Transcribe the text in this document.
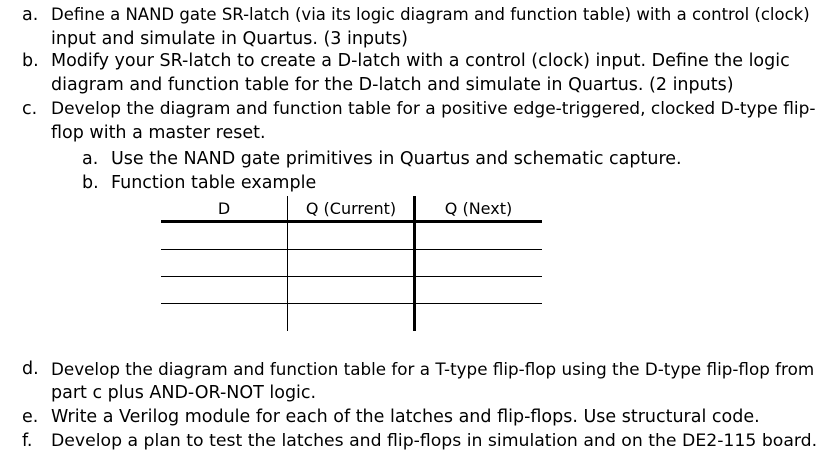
a. Define a NAND gate SR-latch (via its logic diagram and function table) with a control (clock)
input and simulate in Quartus. (3 inputs)
b. Modify your SR-latch to create a D-latch with a control (clock) input. Define the logic
diagram and function table for the D-latch and simulate in Quartus. (2 inputs)
c. Develop the diagram and function table for a positive edge-triggered, clocked D-type flip-
flop with a master reset.
a. Use the NAND gate primitives in Quartus and schematic capture.
b. Function table example
D	Q (Current)	Q (Next)
d. Develop the diagram and function table for a T-type flip-flop using the D-type flip-flop from
part c plus AND-OR-NOT logic.
e. Write a Verilog module for each of the latches and flip-flops. Use structural code.
f. Develop a plan to test the latches and flip-flops in simulation and on the DE2-115 board.
